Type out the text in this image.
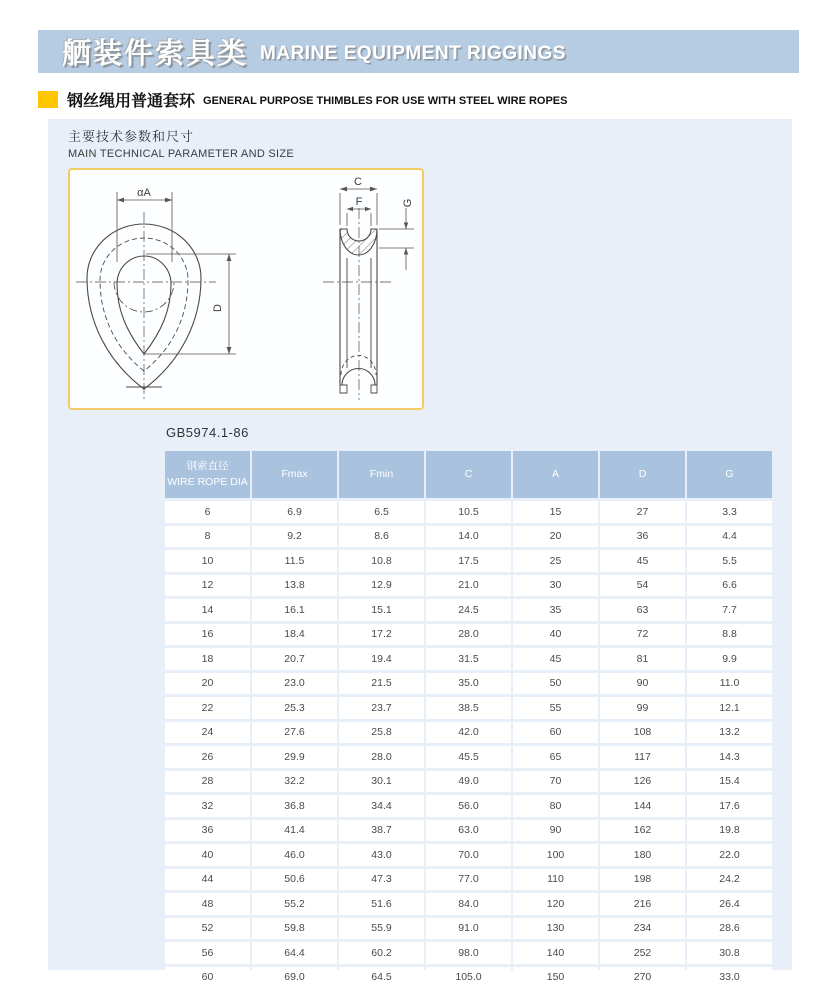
舾装件索具类 MARINE EQUIPMENT RIGGINGS
钢丝绳用普通套环 GENERAL PURPOSE THIMBLES FOR USE WITH STEEL WIRE ROPES
主要技术参数和尺寸
MAIN TECHNICAL PARAMETER AND SIZE
αA
D
C
F	G
GB5974.1-86
钢索直径
WIRE ROPE DIA	Fmax	Fmin	C	A	D	G
6	6.9	6.5	10.5	15	27	3.3
8	9.2	8.6	14.0	20	36	4.4
10	11.5	10.8	17.5	25	45	5.5
12	13.8	12.9	21.0	30	54	6.6
14	16.1	15.1	24.5	35	63	7.7
16	18.4	17.2	28.0	40	72	8.8
18	20.7	19.4	31.5	45	81	9.9
20	23.0	21.5	35.0	50	90	11.0
22	25.3	23.7	38.5	55	99	12.1
24	27.6	25.8	42.0	60	108	13.2
26	29.9	28.0	45.5	65	117	14.3
28	32.2	30.1	49.0	70	126	15.4
32	36.8	34.4	56.0	80	144	17.6
36	41.4	38.7	63.0	90	162	19.8
40	46.0	43.0	70.0	100	180	22.0
44	50.6	47.3	77.0	110	198	24.2
48	55.2	51.6	84.0	120	216	26.4
52	59.8	55.9	91.0	130	234	28.6
56	64.4	60.2	98.0	140	252	30.8
60	69.0	64.5	105.0	150	270	33.0
